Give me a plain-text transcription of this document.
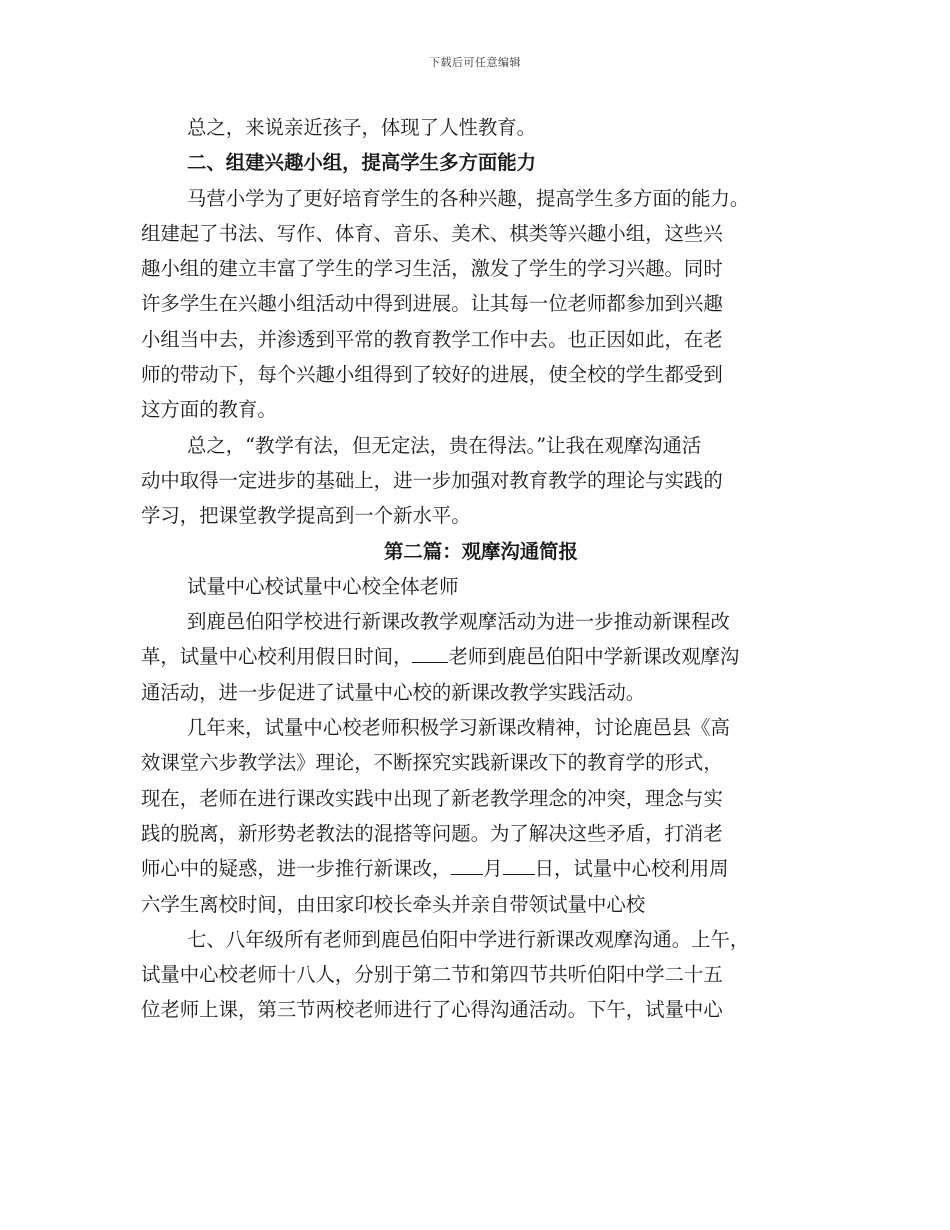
下载后可任意编辑
总之，来说亲近孩子，体现了人性教育。
二、组建兴趣小组，提高学生多方面能力
马营小学为了更好培育学生的各种兴趣，提高学生多方面的能力。
组建起了书法、写作、体育、音乐、美术、棋类等兴趣小组，这些兴
趣小组的建立丰富了学生的学习生活，激发了学生的学习兴趣。同时
许多学生在兴趣小组活动中得到进展。让其每一位老师都参加到兴趣
小组当中去，并渗透到平常的教育教学工作中去。也正因如此，在老
师的带动下，每个兴趣小组得到了较好的进展，使全校的学生都受到
这方面的教育。
总之，“教学有法，但无定法，贵在得法。”让我在观摩沟通活
动中取得一定进步的基础上，进一步加强对教育教学的理论与实践的
学习，把课堂教学提高到一个新水平。
第二篇：观摩沟通简报
试量中心校试量中心校全体老师
到鹿邑伯阳学校进行新课改教学观摩活动为进一步推动新课程改
革，试量中心校利用假日时间， 老师到鹿邑伯阳中学新课改观摩沟
通活动，进一步促进了试量中心校的新课改教学实践活动。
几年来，试量中心校老师积极学习新课改精神，讨论鹿邑县《高
效课堂六步教学法》理论，不断探究实践新课改下的教育学的形式，
现在，老师在进行课改实践中出现了新老教学理念的冲突，理念与实
践的脱离，新形势老教法的混搭等问题。为了解决这些矛盾，打消老
师心中的疑惑，进一步推行新课改， 月 日，试量中心校利用周
六学生离校时间，由田家印校长牵头并亲自带领试量中心校
七、八年级所有老师到鹿邑伯阳中学进行新课改观摩沟通。上午，
试量中心校老师十八人，分别于第二节和第四节共听伯阳中学二十五
位老师上课，第三节两校老师进行了心得沟通活动。下午，试量中心
